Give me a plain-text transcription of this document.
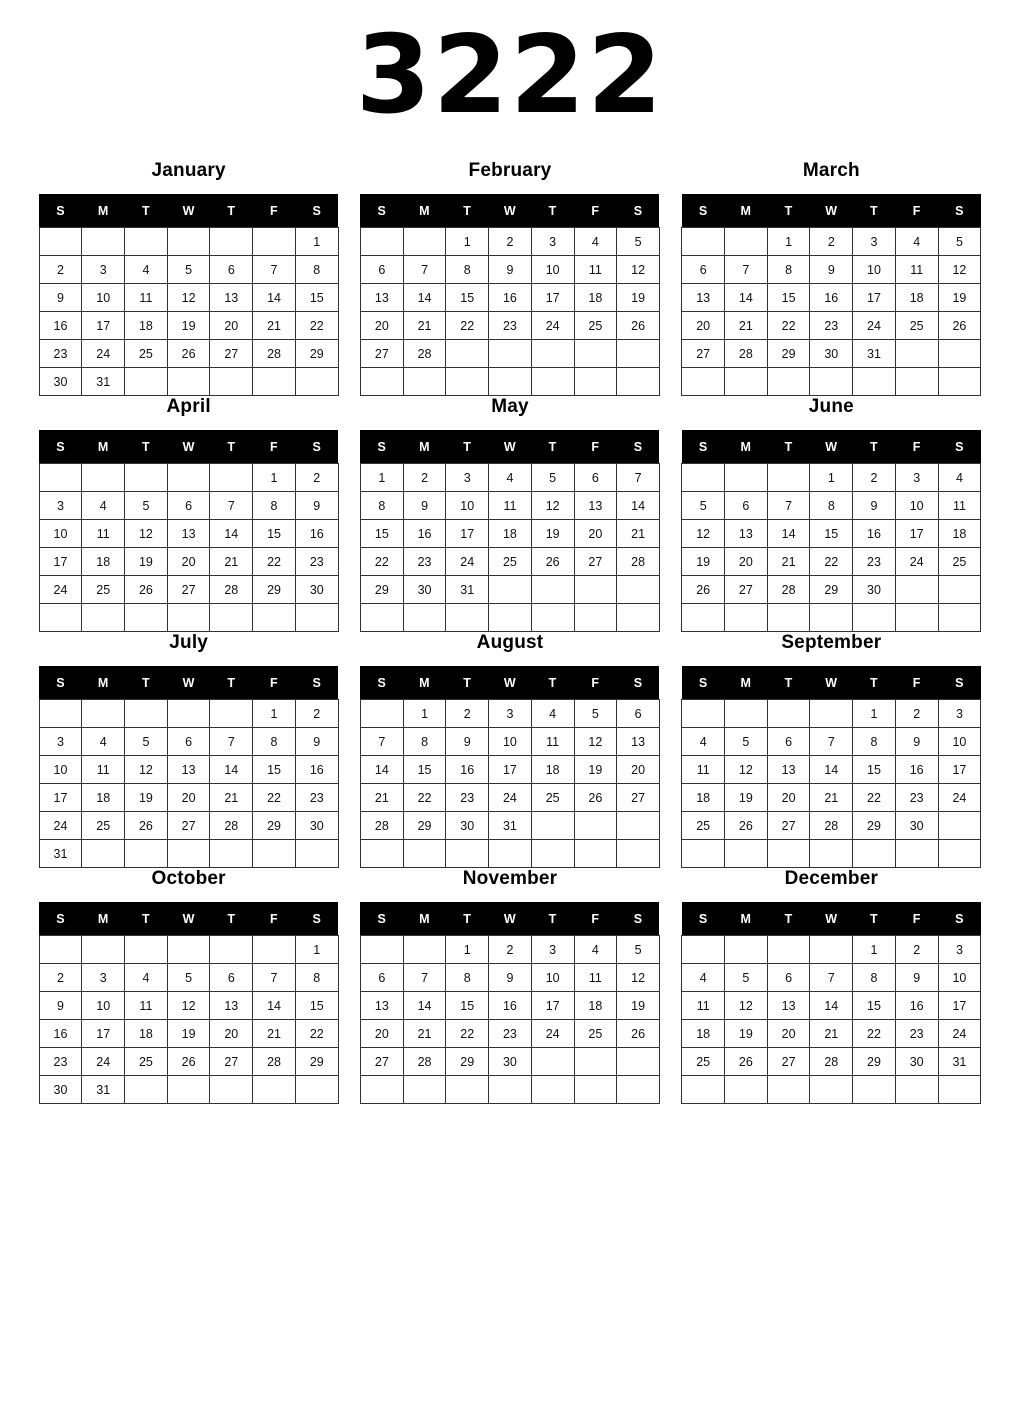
3222
January
S	M	T	W	T	F	S
						1
2	3	4	5	6	7	8
9	10	11	12	13	14	15
16	17	18	19	20	21	22
23	24	25	26	27	28	29
30	31					
February
S	M	T	W	T	F	S
		1	2	3	4	5
6	7	8	9	10	11	12
13	14	15	16	17	18	19
20	21	22	23	24	25	26
27	28					

March
S	M	T	W	T	F	S
		1	2	3	4	5
6	7	8	9	10	11	12
13	14	15	16	17	18	19
20	21	22	23	24	25	26
27	28	29	30	31		

April
S	M	T	W	T	F	S
					1	2
3	4	5	6	7	8	9
10	11	12	13	14	15	16
17	18	19	20	21	22	23
24	25	26	27	28	29	30

May
S	M	T	W	T	F	S
1	2	3	4	5	6	7
8	9	10	11	12	13	14
15	16	17	18	19	20	21
22	23	24	25	26	27	28
29	30	31				

June
S	M	T	W	T	F	S
			1	2	3	4
5	6	7	8	9	10	11
12	13	14	15	16	17	18
19	20	21	22	23	24	25
26	27	28	29	30		

July
S	M	T	W	T	F	S
					1	2
3	4	5	6	7	8	9
10	11	12	13	14	15	16
17	18	19	20	21	22	23
24	25	26	27	28	29	30
31						
August
S	M	T	W	T	F	S
	1	2	3	4	5	6
7	8	9	10	11	12	13
14	15	16	17	18	19	20
21	22	23	24	25	26	27
28	29	30	31			

September
S	M	T	W	T	F	S
				1	2	3
4	5	6	7	8	9	10
11	12	13	14	15	16	17
18	19	20	21	22	23	24
25	26	27	28	29	30	

October
S	M	T	W	T	F	S
						1
2	3	4	5	6	7	8
9	10	11	12	13	14	15
16	17	18	19	20	21	22
23	24	25	26	27	28	29
30	31					
November
S	M	T	W	T	F	S
		1	2	3	4	5
6	7	8	9	10	11	12
13	14	15	16	17	18	19
20	21	22	23	24	25	26
27	28	29	30			

December
S	M	T	W	T	F	S
				1	2	3
4	5	6	7	8	9	10
11	12	13	14	15	16	17
18	19	20	21	22	23	24
25	26	27	28	29	30	31
